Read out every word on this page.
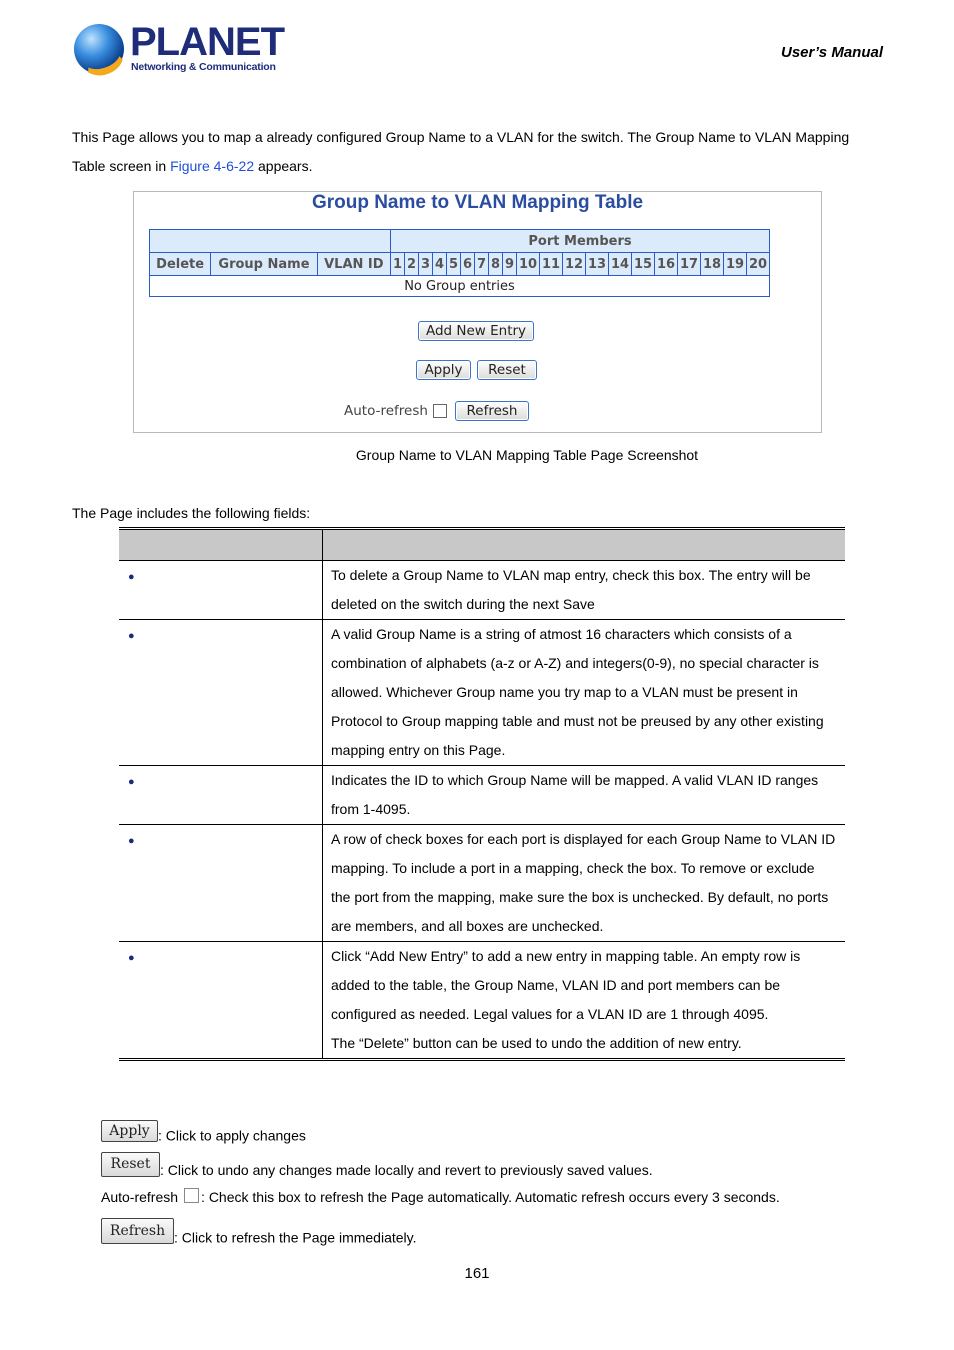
PLANET
Networking & Communication
User’s Manual
This Page allows you to map a already configured Group Name to a VLAN for the switch. The Group Name to VLAN Mapping
Table screen in Figure 4-6-22 appears.
Group Name to VLAN Mapping Table
			Port Members																			
Delete	Group Name	VLAN ID	1	2	3	4	5	6	7	8	9	10	11	12	13	14	15	16	17	18	19	20
No Group entries																						
Add New Entry
Apply	Reset
Auto-refresh	Refresh
Group Name to VLAN Mapping Table Page Screenshot
The Page includes the following fields:

●	To delete a Group Name to VLAN map entry, check this box. The entry will be
deleted on the switch during the next Save

●	A valid Group Name is a string of atmost 16 characters which consists of a
combination of alphabets (a-z or A-Z) and integers(0-9), no special character is
allowed. Whichever Group name you try map to a VLAN must be present in
Protocol to Group mapping table and must not be preused by any other existing
mapping entry on this Page.

●	Indicates the ID to which Group Name will be mapped. A valid VLAN ID ranges
from 1-4095.

●	A row of check boxes for each port is displayed for each Group Name to VLAN ID
mapping. To include a port in a mapping, check the box. To remove or exclude
the port from the mapping, make sure the box is unchecked. By default, no ports
are members, and all boxes are unchecked.

●	Click “Add New Entry” to add a new entry in mapping table. An empty row is
added to the table, the Group Name, VLAN ID and port members can be
configured as needed. Legal values for a VLAN ID are 1 through 4095.
The “Delete” button can be used to undo the addition of new entry.
Apply : Click to apply changes
Reset : Click to undo any changes made locally and revert to previously saved values.
Auto-refresh : Check this box to refresh the Page automatically. Automatic refresh occurs every 3 seconds.
Refresh : Click to refresh the Page immediately.
161
